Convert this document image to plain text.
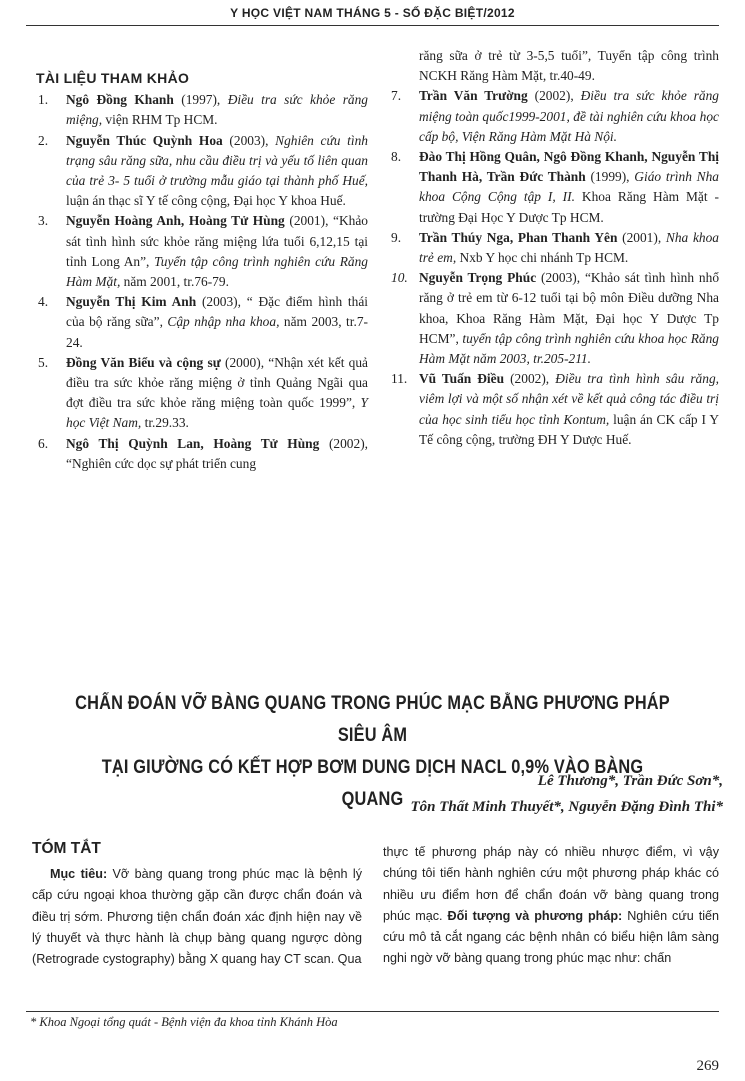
Y HỌC VIỆT NAM THÁNG 5 - SỐ ĐẶC BIỆT/2012
TÀI LIỆU THAM KHẢO

1. Ngô Đồng Khanh (1997), Điều tra sức khỏe răng miệng, viện RHM Tp HCM.

2. Nguyễn Thúc Quỳnh Hoa (2003), Nghiên cứu tình trạng sâu răng sữa, nhu cầu điều trị và yếu tố liên quan của trẻ 3- 5 tuổi ở trường mẫu giáo tại thành phố Huế, luận án thạc sĩ Y tế công cộng, Đại học Y khoa Huế.

3. Nguyễn Hoàng Anh, Hoàng Tử Hùng (2001), “Khảo sát tình hình sức khỏe răng miệng lứa tuổi 6,12,15 tại tỉnh Long An”, Tuyển tập công trình nghiên cứu Răng Hàm Mặt, năm 2001, tr.76-79.

4. Nguyễn Thị Kim Anh (2003), “ Đặc điểm hình thái của bộ răng sữa”, Cập nhập nha khoa, năm 2003, tr.7-24.

5. Đồng Văn Biểu và cộng sự (2000), “Nhận xét kết quả điều tra sức khỏe răng miệng ở tỉnh Quảng Ngãi qua đợt điều tra sức khỏe răng miệng toàn quốc 1999”, Y học Việt Nam, tr.29.33.

6. Ngô Thị Quỳnh Lan, Hoàng Tử Hùng (2002), “Nghiên cức dọc sự phát triển cung

răng sữa ở trẻ từ 3-5,5 tuổi”, Tuyển tập công trình NCKH Răng Hàm Mặt, tr.40-49.

7. Trần Văn Trường (2002), Điều tra sức khỏe răng miệng toàn quốc1999-2001, đề tài nghiên cứu khoa học cấp bộ, Viện Răng Hàm Mặt Hà Nội.

8. Đào Thị Hồng Quân, Ngô Đồng Khanh, Nguyễn Thị Thanh Hà, Trần Đức Thành (1999), Giáo trình Nha khoa Cộng Cộng tập I, II. Khoa Răng Hàm Mặt - trường Đại Học Y Dược Tp HCM.

9. Trần Thúy Nga, Phan Thanh Yên (2001), Nha khoa trẻ em, Nxb Y học chi nhánh Tp HCM.

10. Nguyễn Trọng Phúc (2003), “Khảo sát tình hình nhổ răng ở trẻ em từ 6-12 tuổi tại bộ môn Điều dưỡng Nha khoa, Khoa Răng Hàm Mặt, Đại học Y Dược Tp HCM”, tuyển tập công trình nghiên cứu khoa học Răng Hàm Mặt năm 2003, tr.205-211.

11. Vũ Tuấn Điều (2002), Điều tra tình hình sâu răng, viêm lợi và một số nhận xét về kết quả công tác điều trị của học sinh tiểu học tỉnh Kontum, luận án CK cấp I Y Tế công cộng, trường ĐH Y Dược Huế.

CHẨN ĐOÁN VỠ BÀNG QUANG TRONG PHÚC MẠC BẰNG PHƯƠNG PHÁP SIÊU ÂM
TẠI GIƯỜNG CÓ KẾT HỢP BƠM DUNG DỊCH NACL 0,9% VÀO BÀNG QUANG
Lê Thương*, Trần Đức Sơn*,
Tôn Thất Minh Thuyết*, Nguyễn Đặng Đình Thi*
TÓM TẮT

Mục tiêu: Vỡ bàng quang trong phúc mạc là bệnh lý cấp cứu ngoại khoa thường gặp cần được chẩn đoán và điều trị sớm. Phương tiện chẩn đoán xác định hiện nay về lý thuyết và thực hành là chụp bàng quang ngược dòng (Retrograde cystography) bằng X quang hay CT scan. Qua

thực tế phương pháp này có nhiều nhược điểm, vì vậy chúng tôi tiến hành nghiên cứu một phương pháp khác có nhiều ưu điểm hơn để chẩn đoán vỡ bàng quang trong phúc mạc. Đối tượng và phương pháp: Nghiên cứu tiến cứu mô tả cắt ngang các bệnh nhân có biểu hiện lâm sàng nghi ngờ vỡ bàng quang trong phúc mạc như: chấn

* Khoa Ngoại tổng quát - Bệnh viện đa khoa tỉnh Khánh Hòa
269
